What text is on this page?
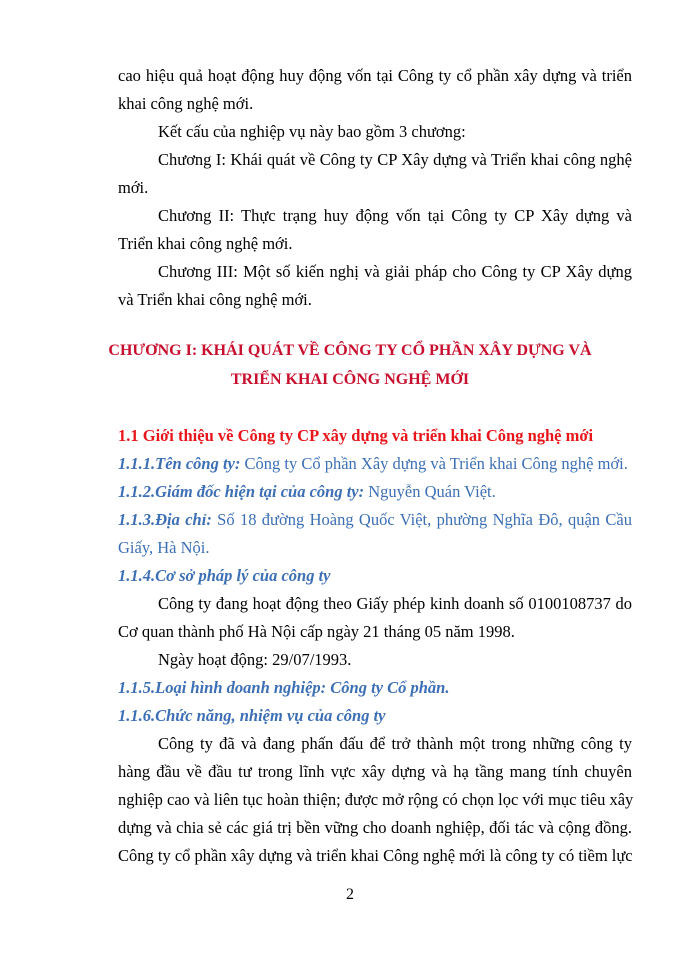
cao hiệu quả hoạt động huy động vốn tại Công ty cổ phần xây dựng và triển
khai công nghệ mới.
Kết cấu của nghiệp vụ này bao gồm 3 chương:
Chương I: Khái quát về Công ty CP Xây dựng và Triển khai công nghệ
mới.
Chương II: Thực trạng huy động vốn tại Công ty CP Xây dựng và
Triển khai công nghệ mới.
Chương III: Một số kiến nghị và giải pháp cho Công ty CP Xây dựng
và Triển khai công nghệ mới.
CHƯƠNG I: KHÁI QUÁT VỀ CÔNG TY CỔ PHẦN XÂY DỰNG VÀ
TRIỂN KHAI CÔNG NGHỆ MỚI
1.1 Giới thiệu về Công ty CP xây dựng và triển khai Công nghệ mới
1.1.1.Tên công ty: Công ty Cổ phần Xây dựng và Triển khai Công nghệ mới.
1.1.2.Giám đốc hiện tại của công ty: Nguyễn Quán Việt.
1.1.3.Địa chỉ: Số 18 đường Hoàng Quốc Việt, phường Nghĩa Đô, quận Cầu
Giấy, Hà Nội.
1.1.4.Cơ sở pháp lý của công ty
Công ty đang hoạt động theo Giấy phép kinh doanh số 0100108737 do
Cơ quan thành phố Hà Nội cấp ngày 21 tháng 05 năm 1998.
Ngày hoạt động: 29/07/1993.
1.1.5.Loại hình doanh nghiệp: Công ty Cổ phần.
1.1.6.Chức năng, nhiệm vụ của công ty
Công ty đã và đang phấn đấu để trở thành một trong những công ty
hàng đầu về đầu tư trong lĩnh vực xây dựng và hạ tầng mang tính chuyên
nghiệp cao và liên tục hoàn thiện; được mở rộng có chọn lọc với mục tiêu xây
dựng và chia sẻ các giá trị bền vững cho doanh nghiệp, đối tác và cộng đồng.
Công ty cổ phần xây dựng và triển khai Công nghệ mới là công ty có tiềm lực
2
